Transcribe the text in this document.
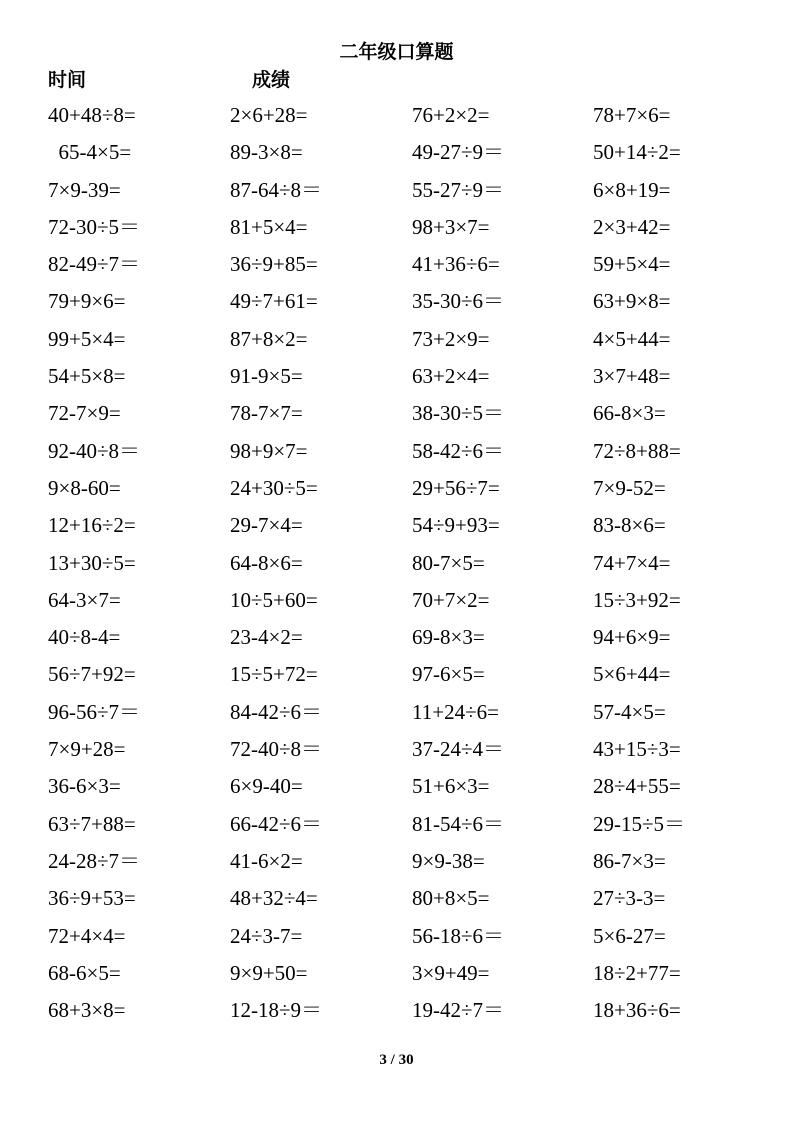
二年级口算题
时间	成绩
40+48÷8=	2×6+28=	76+2×2=	78+7×6=
65-4×5=	89-3×8=	49-27÷9＝	50+14÷2=
7×9-39=	87-64÷8＝	55-27÷9＝	6×8+19=
72-30÷5＝	81+5×4=	98+3×7=	2×3+42=
82-49÷7＝	36÷9+85=	41+36÷6=	59+5×4=
79+9×6=	49÷7+61=	35-30÷6＝	63+9×8=
99+5×4=	87+8×2=	73+2×9=	4×5+44=
54+5×8=	91-9×5=	63+2×4=	3×7+48=
72-7×9=	78-7×7=	38-30÷5＝	66-8×3=
92-40÷8＝	98+9×7=	58-42÷6＝	72÷8+88=
9×8-60=	24+30÷5=	29+56÷7=	7×9-52=
12+16÷2=	29-7×4=	54÷9+93=	83-8×6=
13+30÷5=	64-8×6=	80-7×5=	74+7×4=
64-3×7=	10÷5+60=	70+7×2=	15÷3+92=
40÷8-4=	23-4×2=	69-8×3=	94+6×9=
56÷7+92=	15÷5+72=	97-6×5=	5×6+44=
96-56÷7＝	84-42÷6＝	11+24÷6=	57-4×5=
7×9+28=	72-40÷8＝	37-24÷4＝	43+15÷3=
36-6×3=	6×9-40=	51+6×3=	28÷4+55=
63÷7+88=	66-42÷6＝	81-54÷6＝	29-15÷5＝
24-28÷7＝	41-6×2=	9×9-38=	86-7×3=
36÷9+53=	48+32÷4=	80+8×5=	27÷3-3=
72+4×4=	24÷3-7=	56-18÷6＝	5×6-27=
68-6×5=	9×9+50=	3×9+49=	18÷2+77=
68+3×8=	12-18÷9＝	19-42÷7＝	18+36÷6=
3 / 30
